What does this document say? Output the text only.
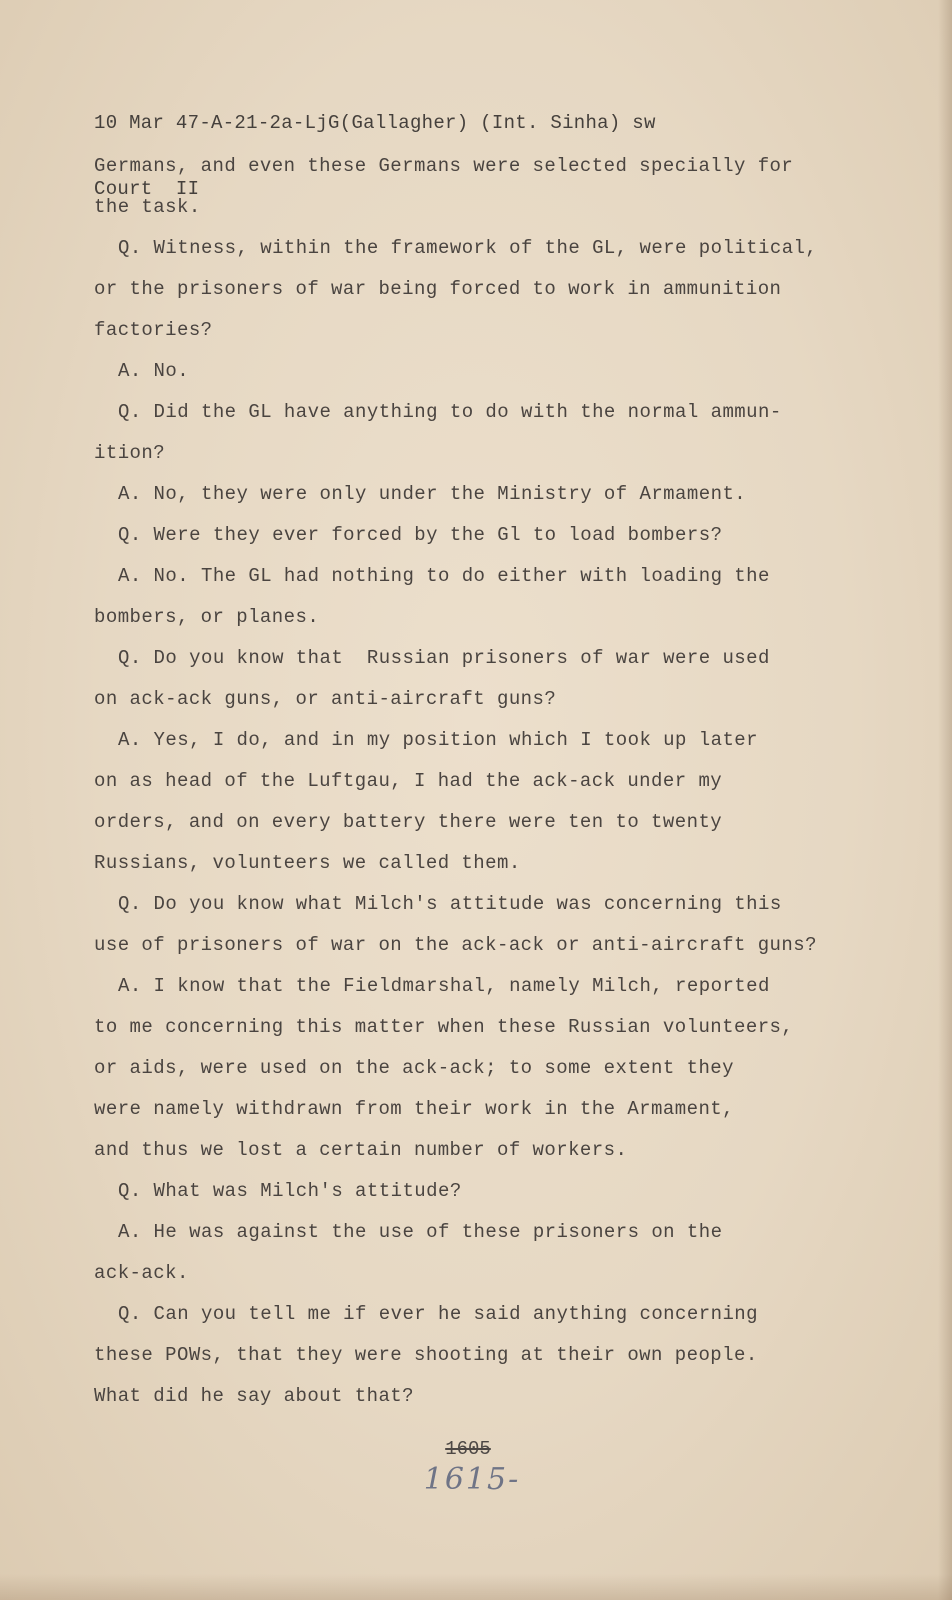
10 Mar 47-A-21-2a-LjG(Gallagher) (Int. Sinha) sw

Court  II

Germans, and even these Germans were selected specially for
the task.
Q. Witness, within the framework of the GL, were political,
or the prisoners of war being forced to work in ammunition
factories?
A. No.
Q. Did the GL have anything to do with the normal ammun-
ition?
A. No, they were only under the Ministry of Armament.
Q. Were they ever forced by the Gl to load bombers?
A. No. The GL had nothing to do either with loading the
bombers, or planes.
Q. Do you know that  Russian prisoners of war were used
on ack-ack guns, or anti-aircraft guns?
A. Yes, I do, and in my position which I took up later
on as head of the Luftgau, I had the ack-ack under my
orders, and on every battery there were ten to twenty
Russians, volunteers we called them.
Q. Do you know what Milch's attitude was concerning this
use of prisoners of war on the ack-ack or anti-aircraft guns?
A. I know that the Fieldmarshal, namely Milch, reported
to me concerning this matter when these Russian volunteers,
or aids, were used on the ack-ack; to some extent they
were namely withdrawn from their work in the Armament,
and thus we lost a certain number of workers.
Q. What was Milch's attitude?
A. He was against the use of these prisoners on the
ack-ack.
Q. Can you tell me if ever he said anything concerning
these POWs, that they were shooting at their own people.
What did he say about that?
1605
1615-
